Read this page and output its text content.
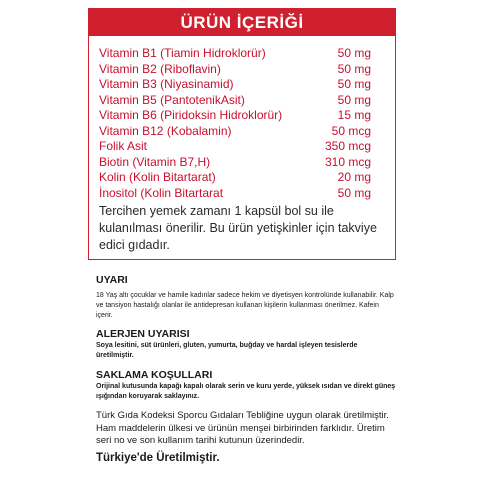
ÜRÜN İÇERİĞİ
Vitamin B1 (Tiamin Hidroklorür)	50 mg
Vitamin B2 (Riboflavin)	50 mg
Vitamin B3 (Niyasinamid)	50 mg
Vitamin B5 (PantotenikAsit)	50 mg
Vitamin B6 (Piridoksin Hidroklorür)	15 mg
Vitamin B12 (Kobalamin)	50 mcg
Folik Asit	350 mcg
Biotin (Vitamin B7,H)	310 mcg
Kolin (Kolin Bitartarat)	20 mg
İnositol (Kolin Bitartarat	50 mg
Tercihen yemek zamanı 1 kapsül bol su ile kulanılması önerilir. Bu ürün yetişkinler için takviye edici gıdadır.

UYARI

18 Yaş altı çocuklar ve hamile kadınlar sadece hekim ve diyetisyen kontrolünde kullanabilir. Kalp ve tansiyon hastalığı olanlar ile antidepresan kullanan kişilerin kullanması önerilmez. Kafein içerir.

ALERJEN UYARISI

Soya lesitini, süt ürünleri, gluten, yumurta, buğday ve hardal işleyen tesislerde üretilmiştir.

SAKLAMA KOŞULLARI

Orijinal kutusunda kapağı kapalı olarak serin ve kuru yerde, yüksek ısıdan ve direkt güneş ışığından koruyarak saklayınız.

Türk Gıda Kodeksi Sporcu Gıdaları Tebliğine uygun olarak üretilmiştir. Ham maddelerin ülkesi ve ürünün menşei birbirinden farklıdır. Üretim seri no ve son kullanım tarihi kutunun üzerindedir.
Türkiye'de Üretilmiştir.
